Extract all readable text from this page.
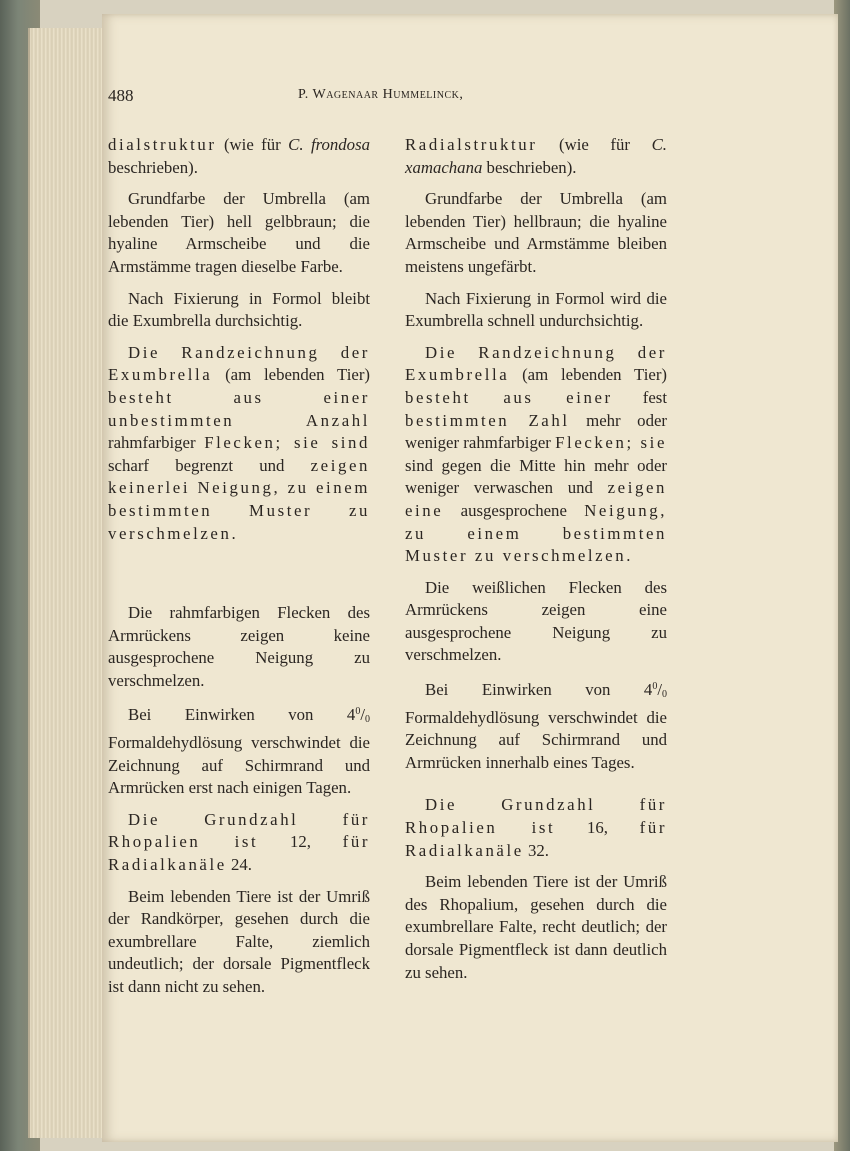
488	P. Wagenaar Hummelinck,

dialstruktur (wie für C. frondosa beschrieben).

Grundfarbe der Umbrella (am lebenden Tier) hell gelbbraun; die hyaline Armscheibe und die Armstämme tragen dieselbe Farbe.

Nach Fixierung in Formol bleibt die Exumbrella durchsichtig.

Die Randzeichnung der Exumbrella (am lebenden Tier) besteht aus einer unbestimmten Anzahl rahmfarbiger Flecken; sie sind scharf begrenzt und zeigen keinerlei Neigung, zu einem bestimmten Muster zu verschmelzen.

Die rahmfarbigen Flecken des Armrückens zeigen keine ausgesprochene Neigung zu verschmelzen.

Bei Einwirken von $4^0/_0$ Formaldehydlösung verschwindet die Zeichnung auf Schirmrand und Armrücken erst nach einigen Tagen.

Die Grundzahl für Rhopalien ist 12, für Radialkanäle 24.

Beim lebenden Tiere ist der Umriß der Randkörper, gesehen durch die exumbrellare Falte, ziemlich undeutlich; der dorsale Pigmentfleck ist dann nicht zu sehen.

Radialstruktur (wie für C. xamachana beschrieben).

Grundfarbe der Umbrella (am lebenden Tier) hellbraun; die hyaline Armscheibe und Armstämme bleiben meistens ungefärbt.

Nach Fixierung in Formol wird die Exumbrella schnell undurchsichtig.

Die Randzeichnung der Exumbrella (am lebenden Tier) besteht aus einer fest bestimmten Zahl mehr oder weniger rahmfarbiger Flecken; sie sind gegen die Mitte hin mehr oder weniger verwaschen und zeigen eine ausgesprochene Neigung, zu einem bestimmten Muster zu verschmelzen.

Die weißlichen Flecken des Armrückens zeigen eine ausgesprochene Neigung zu verschmelzen.

Bei Einwirken von $4^0/_0$ Formaldehydlösung verschwindet die Zeichnung auf Schirmrand und Armrücken innerhalb eines Tages.

Die Grundzahl für Rhopalien ist 16, für Radialkanäle 32.

Beim lebenden Tiere ist der Umriß des Rhopalium, gesehen durch die exumbrellare Falte, recht deutlich; der dorsale Pigmentfleck ist dann deutlich zu sehen.
